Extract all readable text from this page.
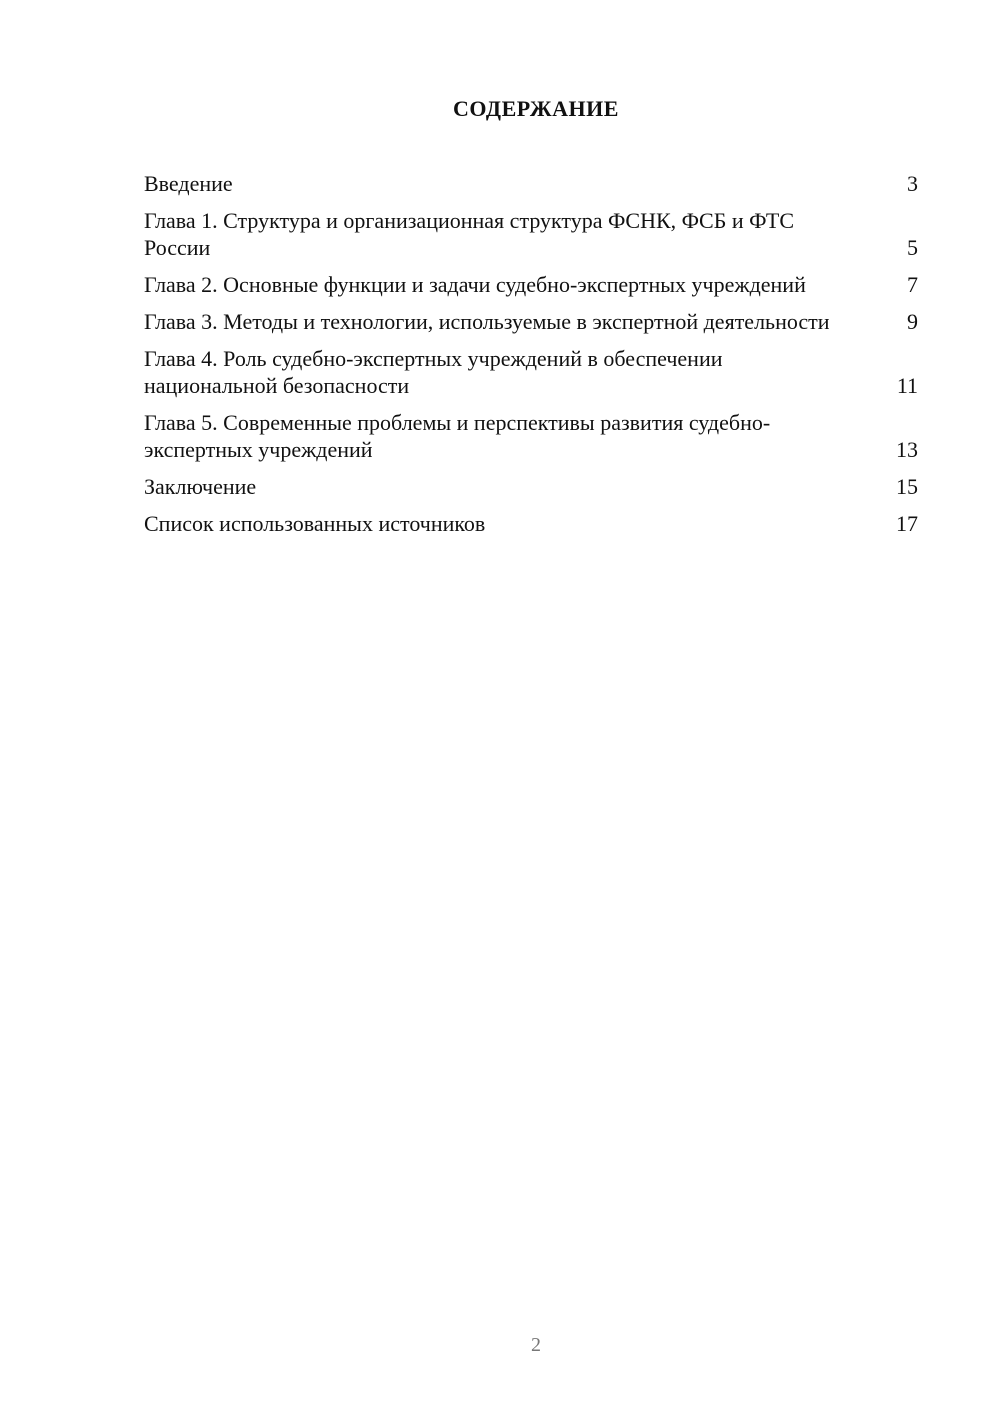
СОДЕРЖАНИЕ
Введение	3
Глава 1. Структура и организационная структура ФСНК, ФСБ и ФТС России	5
Глава 2. Основные функции и задачи судебно-экспертных учреждений	7
Глава 3. Методы и технологии, используемые в экспертной деятельности	9
Глава 4. Роль судебно-экспертных учреждений в обеспечении национальной безопасности	11
Глава 5. Современные проблемы и перспективы развития судебно-экспертных учреждений	13
Заключение	15
Список использованных источников	17
2
